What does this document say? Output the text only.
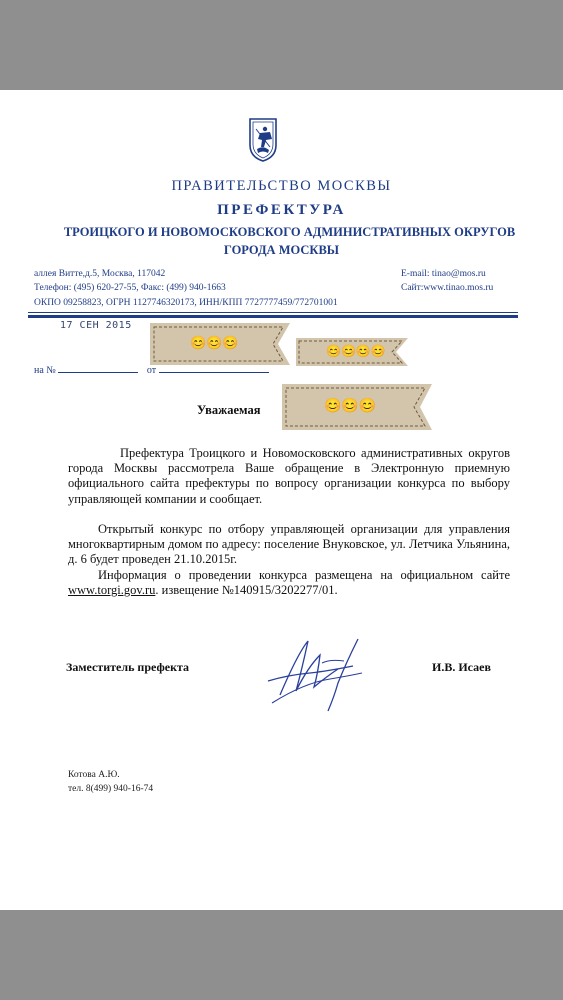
ПРАВИТЕЛЬСТВО МОСКВЫ
ПРЕФЕКТУРА
ТРОИЦКОГО И НОВОМОСКОВСКОГО АДМИНИСТРАТИВНЫХ ОКРУГОВ
ГОРОДА МОСКВЫ
аллея Витте,д.5, Москва, 117042
Телефон: (495) 620-27-55, Факс: (499) 940-1663
ОКПО 09258823, ОГРН 1127746320173, ИНН/КПП 7727777459/772701001
E-mail: tinao@mos.ru
Сайт:www.tinao.mos.ru
17 СЕН 2015
на №	от
😊😊😊
😊😊😊😊
😊😊😊
Уважаемая
Префектура Троицкого и Новомосковского административных округов города Москвы рассмотрела Ваше обращение в Электронную приемную официального сайта префектуры по вопросу организации конкурса по выбору управляющей компании и сообщает.
Открытый конкурс по отбору управляющей организации для управления многоквартирным домом по адресу: поселение Внуковское, ул. Летчика Ульянина, д. 6 будет проведен 21.10.2015г.
Информация о проведении конкурса размещена на официальном сайте www.torgi.gov.ru. извещение №140915/3202277/01.
Заместитель префекта	И.В. Исаев
Котова А.Ю.
тел. 8(499) 940-16-74
